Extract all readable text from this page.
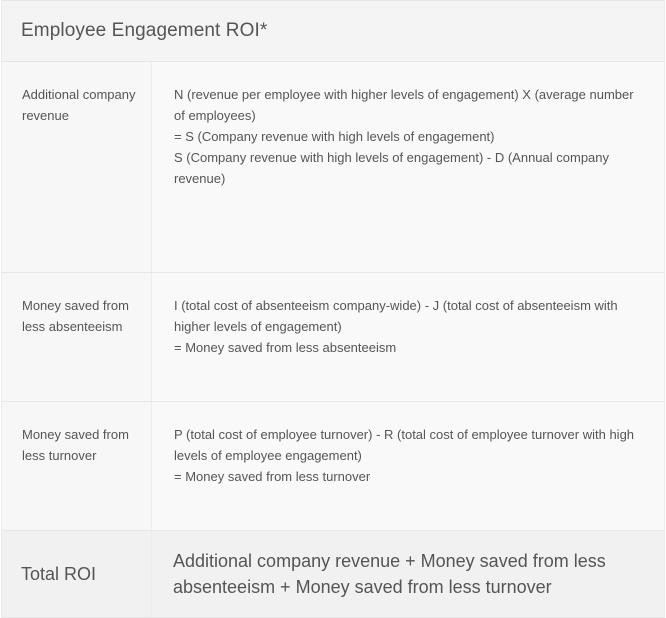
Employee Engagement ROI*
Additional company revenue

N (revenue per employee with higher levels of engagement) X (average number of employees)

= S (Company revenue with high levels of engagement)

S (Company revenue with high levels of engagement) - D (Annual company revenue)

Money saved from less absenteeism

I (total cost of absenteeism company-wide) - J (total cost of absenteeism with higher levels of engagement)

= Money saved from less absenteeism

Money saved from less turnover

P (total cost of employee turnover) - R (total cost of employee turnover with high levels of employee engagement)

= Money saved from less turnover

Total ROI
Additional company revenue + Money saved from less absenteeism + Money saved from less turnover
